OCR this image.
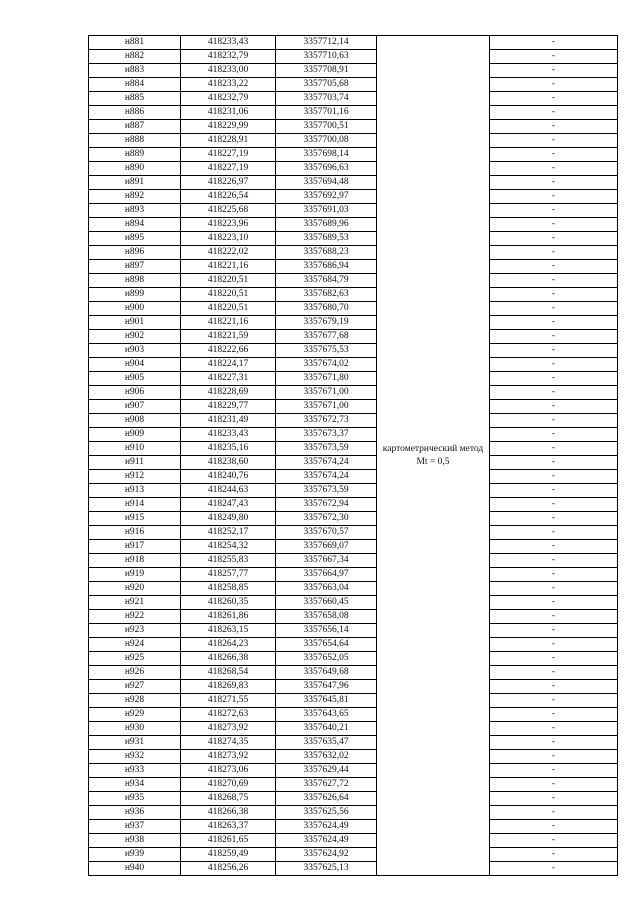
н881	418233,43	3357712,14	картометрический метод Mt = 0,5	-
н882	418232,79	3357710,63		-
н883	418233,00	3357708,91		-
н884	418233,22	3357705,68		-
н885	418232,79	3357703,74		-
н886	418231,06	3357701,16		-
н887	418229,99	3357700,51		-
н888	418228,91	3357700,08		-
н889	418227,19	3357698,14		-
н890	418227,19	3357696,63		-
н891	418226,97	3357694,48		-
н892	418226,54	3357692,97		-
н893	418225,68	3357691,03		-
н894	418223,96	3357689,96		-
н895	418223,10	3357689,53		-
н896	418222,02	3357688,23		-
н897	418221,16	3357686,94		-
н898	418220,51	3357684,79		-
н899	418220,51	3357682,63		-
н900	418220,51	3357680,70		-
н901	418221,16	3357679,19		-
н902	418221,59	3357677,68		-
н903	418222,66	3357675,53		-
н904	418224,17	3357674,02		-
н905	418227,31	3357671,80		-
н906	418228,69	3357671,00		-
н907	418229,77	3357671,00		-
н908	418231,49	3357672,73		-
н909	418233,43	3357673,37		-
н910	418235,16	3357673,59		-
н911	418238,60	3357674,24		-
н912	418240,76	3357674,24		-
н913	418244,63	3357673,59		-
н914	418247,43	3357672,94		-
н915	418249,80	3357672,30		-
н916	418252,17	3357670,57		-
н917	418254,32	3357669,07		-
н918	418255,83	3357667,34		-
н919	418257,77	3357664,97		-
н920	418258,85	3357663,04		-
н921	418260,35	3357660,45		-
н922	418261,86	3357658,08		-
н923	418263,15	3357656,14		-
н924	418264,23	3357654,64		-
н925	418266,38	3357652,05		-
н926	418268,54	3357649,68		-
н927	418269,83	3357647,96		-
н928	418271,55	3357645,81		-
н929	418272,63	3357643,65		-
н930	418273,92	3357640,21		-
н931	418274,35	3357635,47		-
н932	418273,92	3357632,02		-
н933	418273,06	3357629,44		-
н934	418270,69	3357627,72		-
н935	418268,75	3357626,64		-
н936	418266,38	3357625,56		-
н937	418263,37	3357624,49		-
н938	418261,65	3357624,49		-
н939	418259,49	3357624,92		-
н940	418256,26	3357625,13		-
